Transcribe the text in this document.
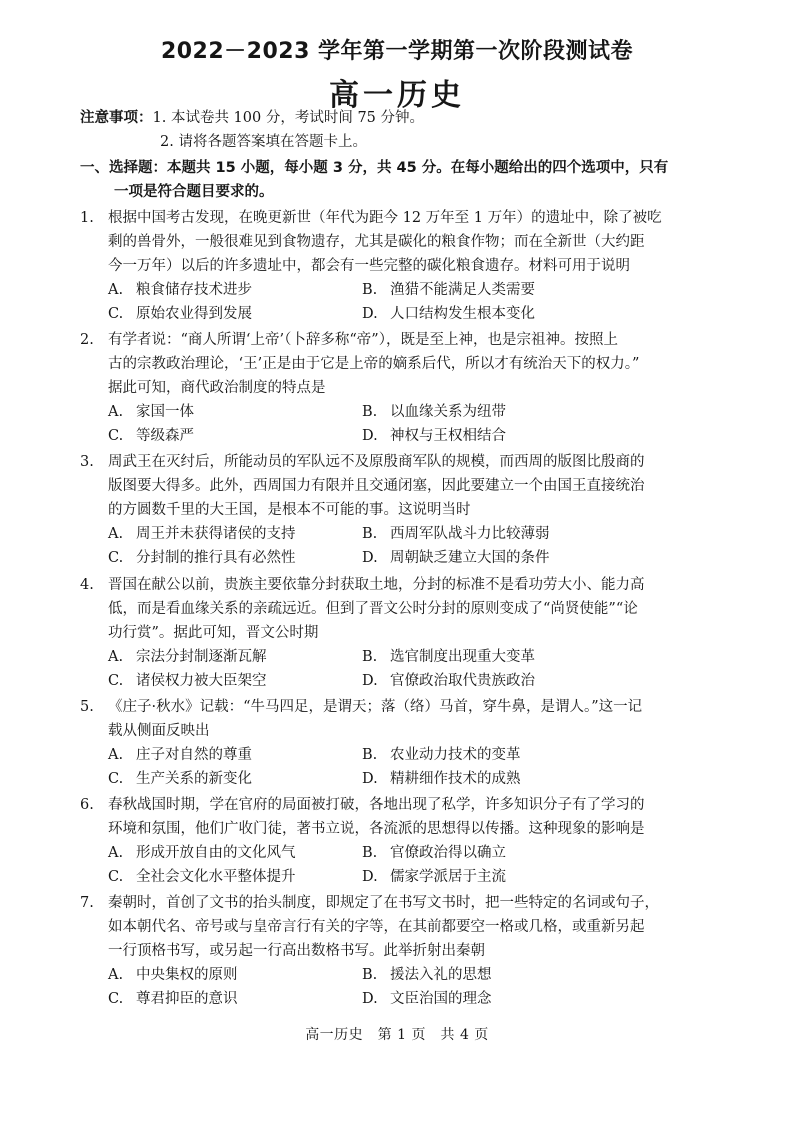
2022－2023 学年第一学期第一次阶段测试卷
高一历史
注意事项：1. 本试卷共 100 分，考试时间 75 分钟。
2. 请将各题答案填在答题卡上。
一、选择题：本题共 15 小题，每小题 3 分，共 45 分。在每小题给出的四个选项中，只有
一项是符合题目要求的。
1. 根据中国考古发现，在晚更新世（年代为距今 12 万年至 1 万年）的遗址中，除了被吃
剩的兽骨外，一般很难见到食物遗存，尤其是碳化的粮食作物；而在全新世（大约距
今一万年）以后的许多遗址中，都会有一些完整的碳化粮食遗存。材料可用于说明
A. 粮食储存技术进步	B. 渔猎不能满足人类需要
C. 原始农业得到发展	D. 人口结构发生根本变化
2. 有学者说：“商人所谓‘上帝’（卜辞多称“帝”），既是至上神，也是宗祖神。按照上
古的宗教政治理论，‘王’正是由于它是上帝的嫡系后代，所以才有统治天下的权力。”
据此可知，商代政治制度的特点是
A. 家国一体	B. 以血缘关系为纽带
C. 等级森严	D. 神权与王权相结合
3. 周武王在灭纣后，所能动员的军队远不及原殷商军队的规模，而西周的版图比殷商的
版图要大得多。此外，西周国力有限并且交通闭塞，因此要建立一个由国王直接统治
的方圆数千里的大王国，是根本不可能的事。这说明当时
A. 周王并未获得诸侯的支持	B. 西周军队战斗力比较薄弱
C. 分封制的推行具有必然性	D. 周朝缺乏建立大国的条件
4. 晋国在献公以前，贵族主要依靠分封获取土地，分封的标准不是看功劳大小、能力高
低，而是看血缘关系的亲疏远近。但到了晋文公时分封的原则变成了“尚贤使能”“论
功行赏”。据此可知，晋文公时期
A. 宗法分封制逐渐瓦解	B. 选官制度出现重大变革
C. 诸侯权力被大臣架空	D. 官僚政治取代贵族政治
5. 《庄子·秋水》记载：“牛马四足，是谓天；落（络）马首，穿牛鼻，是谓人。”这一记
载从侧面反映出
A. 庄子对自然的尊重	B. 农业动力技术的变革
C. 生产关系的新变化	D. 精耕细作技术的成熟
6. 春秋战国时期，学在官府的局面被打破，各地出现了私学，许多知识分子有了学习的
环境和氛围，他们广收门徒，著书立说，各流派的思想得以传播。这种现象的影响是
A. 形成开放自由的文化风气	B. 官僚政治得以确立
C. 全社会文化水平整体提升	D. 儒家学派居于主流
7. 秦朝时，首创了文书的抬头制度，即规定了在书写文书时，把一些特定的名词或句子，
如本朝代名、帝号或与皇帝言行有关的字等，在其前都要空一格或几格，或重新另起
一行顶格书写，或另起一行高出数格书写。此举折射出秦朝
A. 中央集权的原则	B. 援法入礼的思想
C. 尊君抑臣的意识	D. 文臣治国的理念
高一历史　第 1 页　共 4 页
